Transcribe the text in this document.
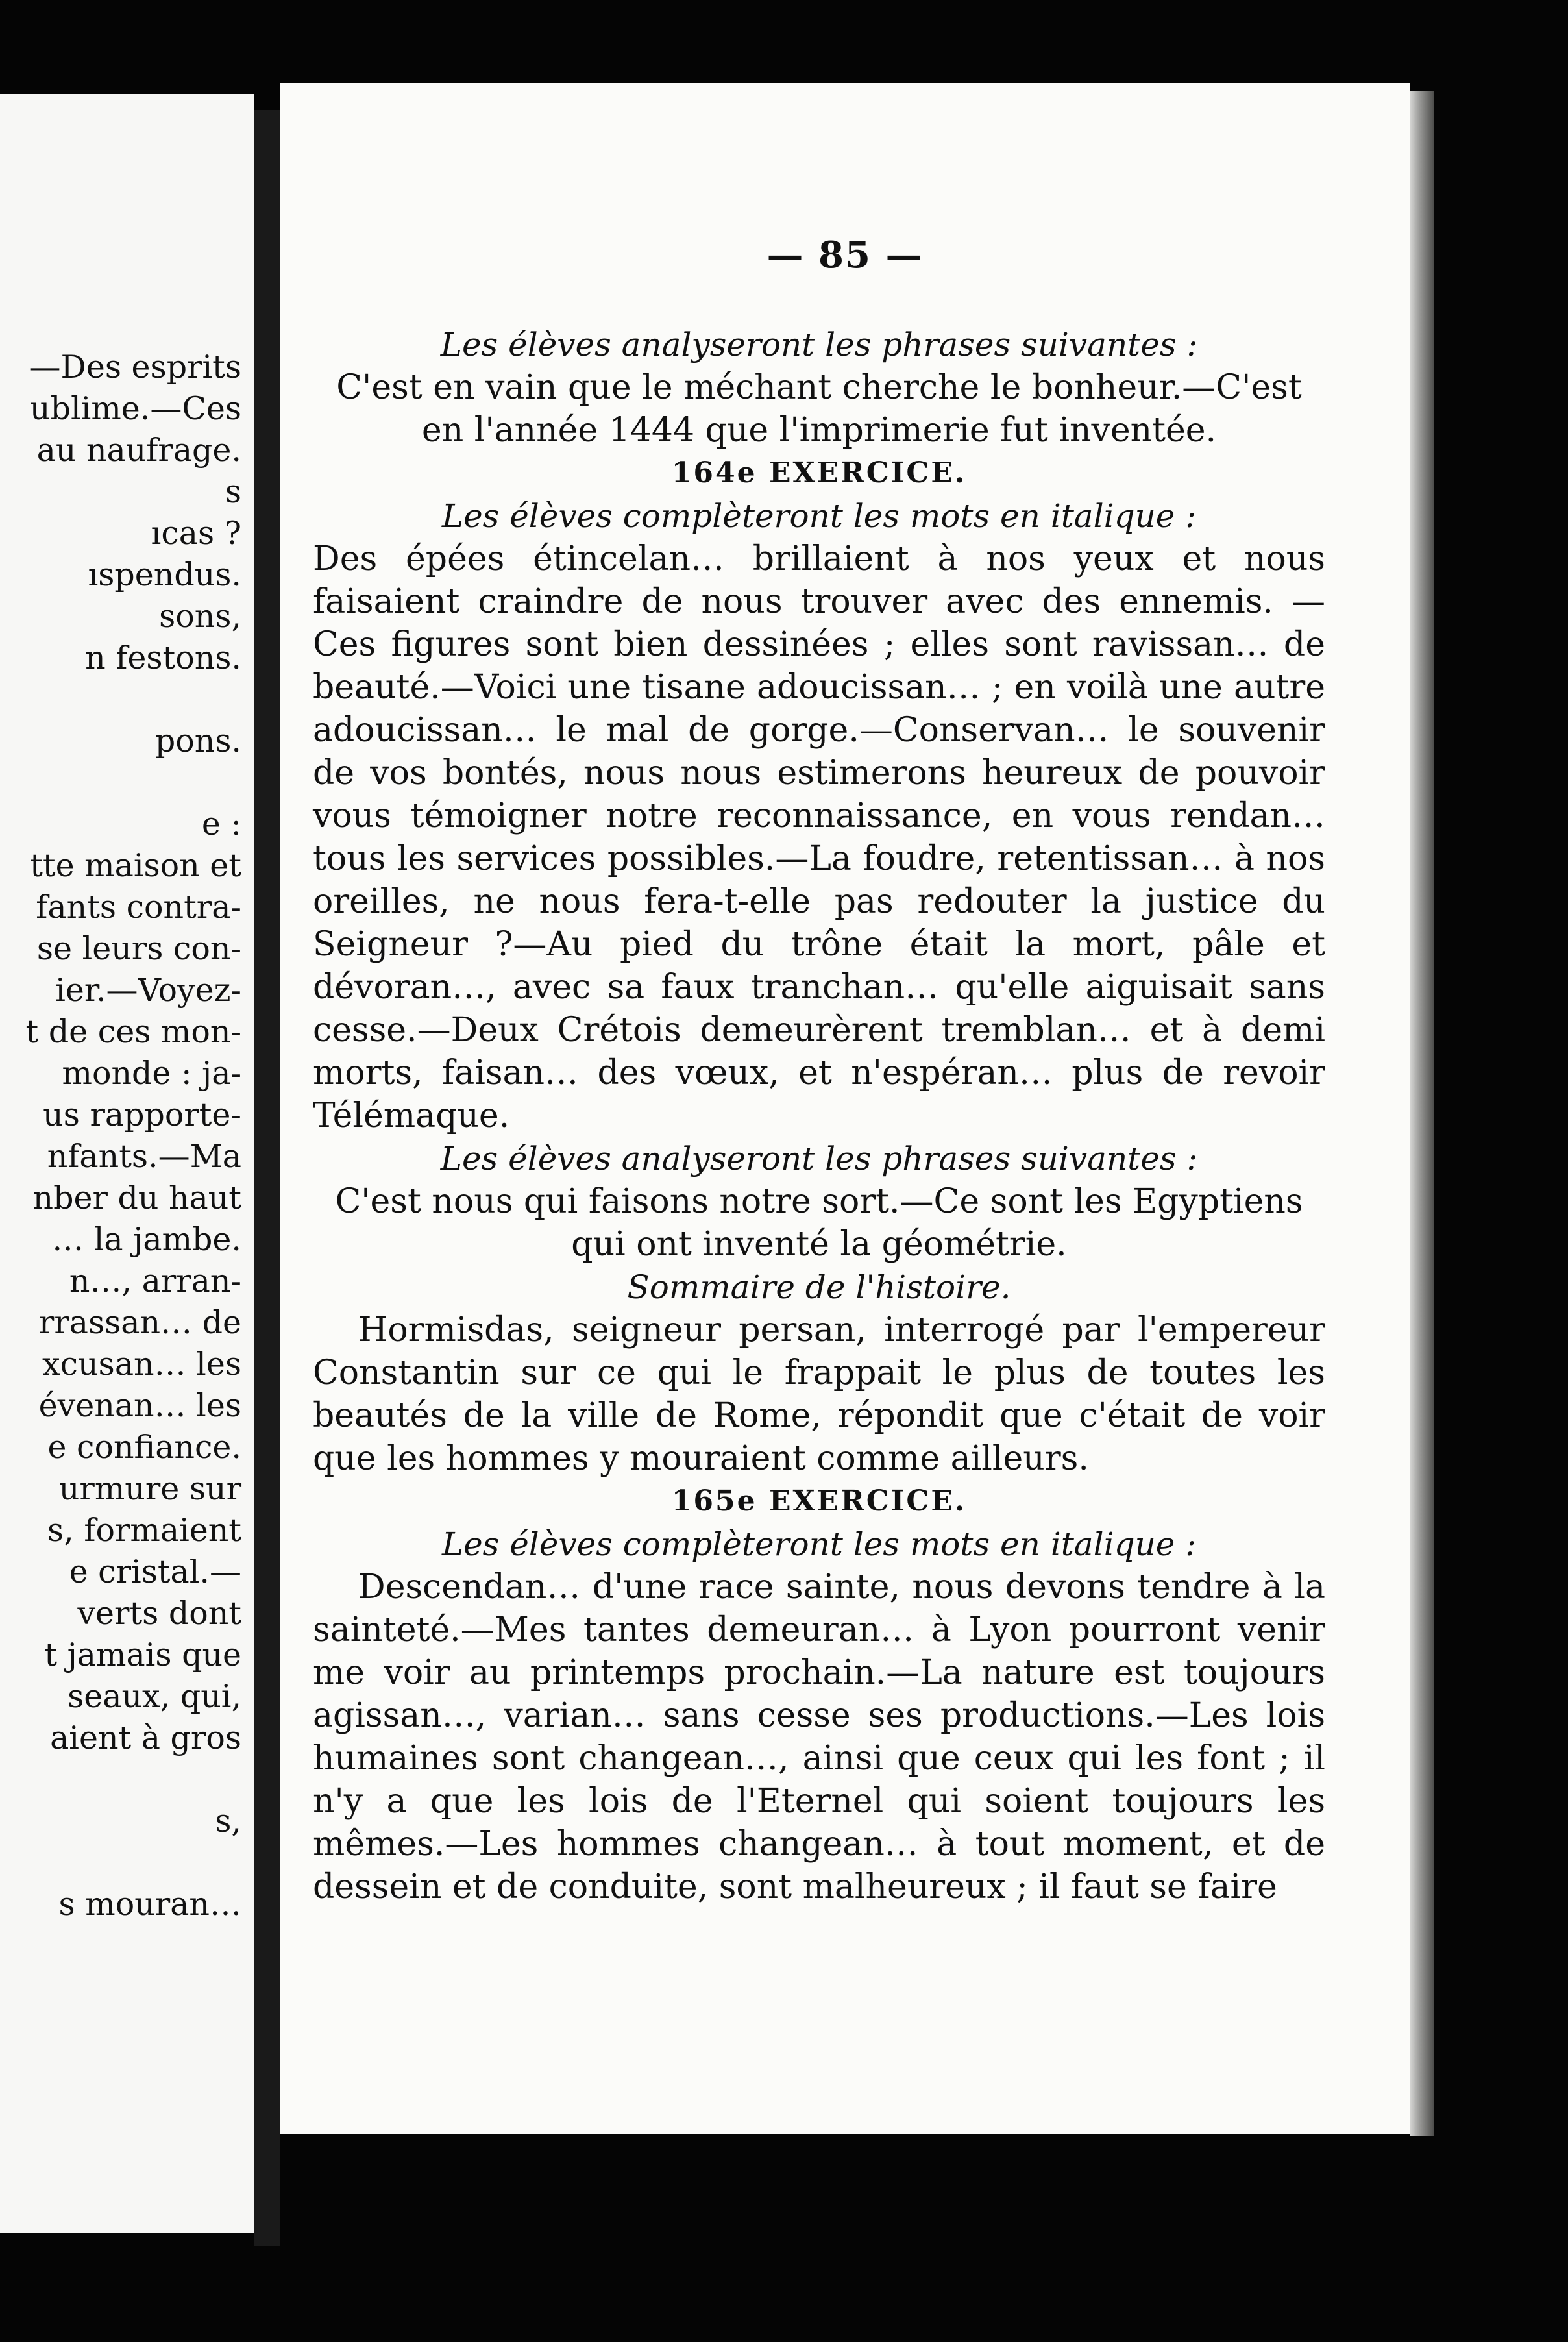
—Des esprits
ublime.—Ces
au naufrage.
s
ıcas ?
ıspendus.
sons,
n festons.
pons.
e :
tte maison et
fants contra-
se leurs con-
ier.—Voyez-
t de ces mon-
monde : ja-
us rapporte-
nfants.—Ma
nber du haut
… la jambe.
n…, arran-
rrassan… de
xcusan… les
évenan… les
e confiance.
urmure sur
s, formaient
e cristal.—
verts dont
t jamais que
seaux, qui,
aient à gros
s,
s mouran…
— 85 —

Les élèves analyseront les phrases suivantes :

C'est en vain que le méchant cherche le bonheur.—C'est en l'année 1444 que l'imprimerie fut inventée.

164e EXERCICE.

Les élèves complèteront les mots en italique :

Des épées étincelan… brillaient à nos yeux et nous faisaient craindre de nous trouver avec des ennemis. —Ces figures sont bien dessinées ; elles sont ravissan… de beauté.—Voici une tisane adoucissan… ; en voilà une autre adoucissan… le mal de gorge.—Conservan… le souvenir de vos bontés, nous nous estimerons heureux de pouvoir vous témoigner notre reconnaissance, en vous rendan… tous les services possibles.—La foudre, retentissan… à nos oreilles, ne nous fera-t-elle pas redouter la justice du Seigneur ?—Au pied du trône était la mort, pâle et dévoran…, avec sa faux tranchan… qu'elle aiguisait sans cesse.—Deux Crétois demeurèrent tremblan… et à demi morts, faisan… des vœux, et n'espéran… plus de revoir Télémaque.

Les élèves analyseront les phrases suivantes :

C'est nous qui faisons notre sort.—Ce sont les Egyptiens qui ont inventé la géométrie.

Sommaire de l'histoire.

Hormisdas, seigneur persan, interrogé par l'empereur Constantin sur ce qui le frappait le plus de toutes les beautés de la ville de Rome, répondit que c'était de voir que les hommes y mouraient comme ailleurs.

165e EXERCICE.

Les élèves complèteront les mots en italique :

Descendan… d'une race sainte, nous devons tendre à la sainteté.—Mes tantes demeuran… à Lyon pourront venir me voir au printemps prochain.—La nature est toujours agissan…, varian… sans cesse ses productions.—Les lois humaines sont changean…, ainsi que ceux qui les font ; il n'y a que les lois de l'Eternel qui soient toujours les mêmes.—Les hommes changean… à tout moment, et de dessein et de conduite, sont malheureux ; il faut se faire
